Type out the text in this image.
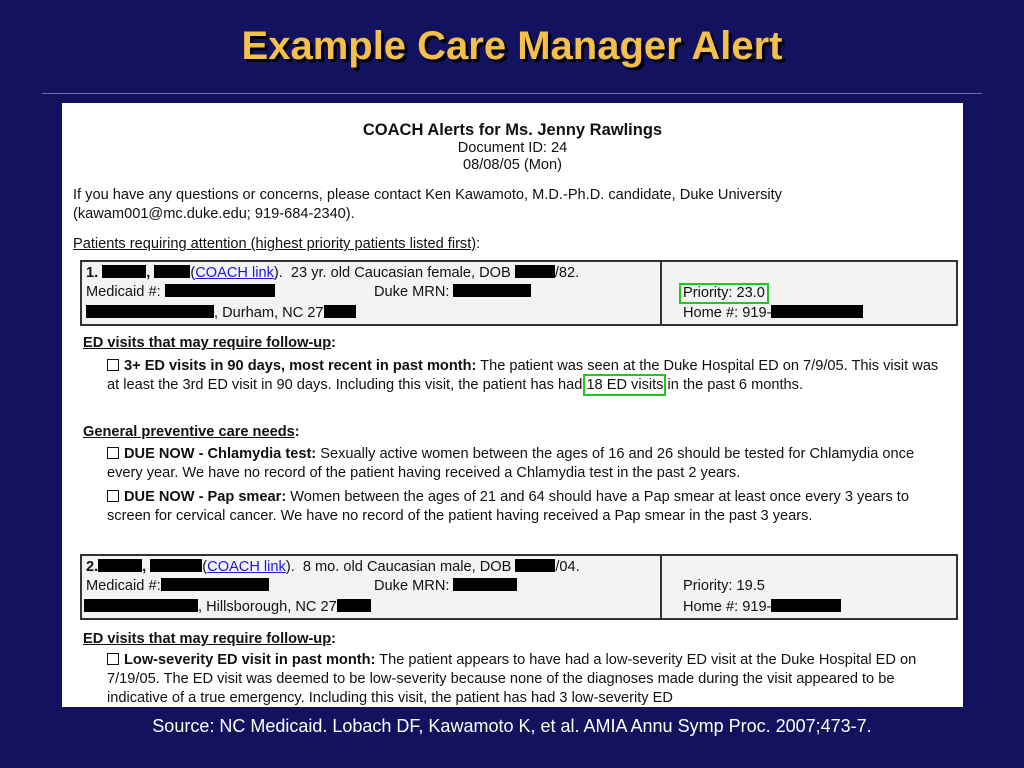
Example Care Manager Alert
COACH Alerts for Ms. Jenny Rawlings
Document ID: 24
08/08/05 (Mon)
If you have any questions or concerns, please contact Ken Kawamoto, M.D.-Ph.D. candidate, Duke University (kawam001@mc.duke.edu; 919-684-2340).
Patients requiring attention (highest priority patients listed first):
1.	,	(COACH link).  23 yr. old Caucasian female, DOB	/82.
Medicaid #:	Duke MRN:	Priority: 23.0
, Durham, NC 27	Home #: 919-
ED visits that may require follow-up:
3+ ED visits in 90 days, most recent in past month: The patient was seen at the Duke Hospital ED on 7/9/05. This visit was at least the 3rd ED visit in 90 days. Including this visit, the patient has had 18 ED visits in the past 6 months.
General preventive care needs:
DUE NOW - Chlamydia test: Sexually active women between the ages of 16 and 26 should be tested for Chlamydia once every year. We have no record of the patient having received a Chlamydia test in the past 2 years.
DUE NOW - Pap smear: Women between the ages of 21 and 64 should have a Pap smear at least once every 3 years to screen for cervical cancer. We have no record of the patient having received a Pap smear in the past 3 years.
2.	,	(COACH link).  8 mo. old Caucasian male, DOB	/04.
Medicaid #:	Duke MRN:	Priority: 19.5
, Hillsborough, NC 27	Home #: 919-
ED visits that may require follow-up:
Low-severity ED visit in past month: The patient appears to have had a low-severity ED visit at the Duke Hospital ED on 7/19/05. The ED visit was deemed to be low-severity because none of the diagnoses made during the visit appeared to be indicative of a true emergency. Including this visit, the patient has had 3 low-severity ED
Source: NC Medicaid. Lobach DF, Kawamoto K, et al. AMIA Annu Symp Proc. 2007;473-7.
